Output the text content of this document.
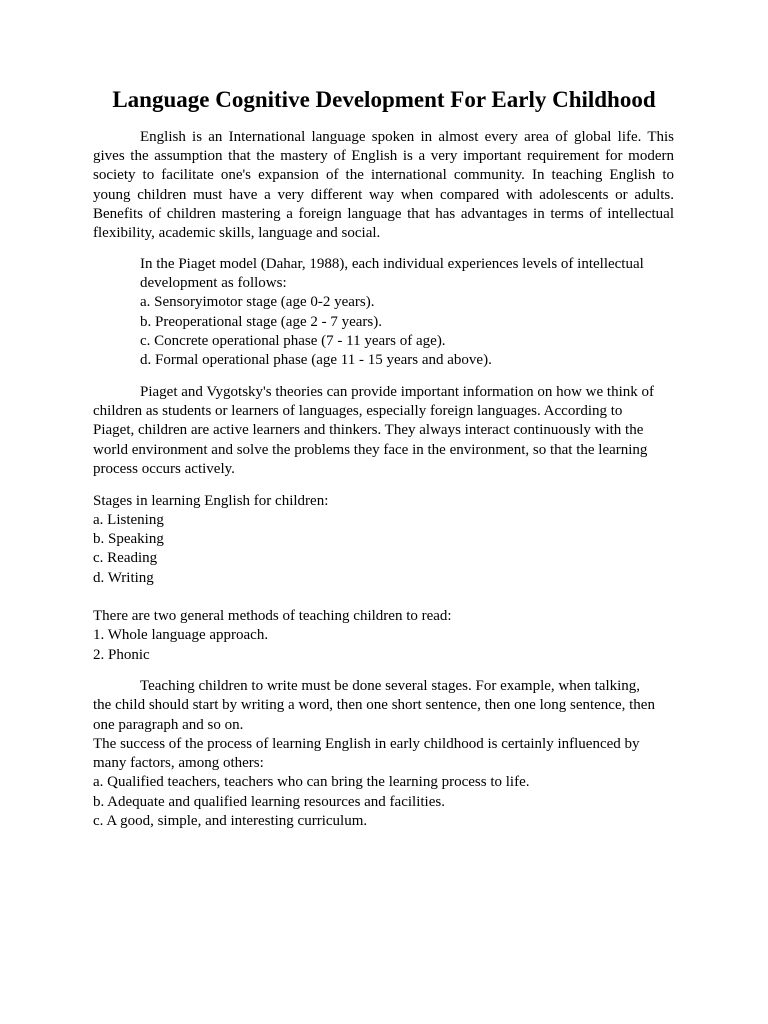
Language Cognitive Development For Early Childhood

English is an International language spoken in almost every area of global life. This

gives the assumption that the mastery of English is a very important requirement for modern

society to facilitate one's expansion of the international community. In teaching English to

young children must have a very different way when compared with adolescents or adults.

Benefits of children mastering a foreign language that has advantages in terms of intellectual

flexibility, academic skills, language and social.

In the Piaget model (Dahar, 1988), each individual experiences levels of intellectual

development as follows:

a. Sensoryimotor stage (age 0-2 years).

b. Preoperational stage (age 2 - 7 years).

c. Concrete operational phase (7 - 11 years of age).

d. Formal operational phase (age 11 - 15 years and above).

Piaget and Vygotsky's theories can provide important information on how we think of

children as students or learners of languages, especially foreign languages. According to

Piaget, children are active learners and thinkers. They always interact continuously with the

world environment and solve the problems they face in the environment, so that the learning

process occurs actively.

Stages in learning English for children:

a. Listening

b. Speaking

c. Reading

d. Writing

There are two general methods of teaching children to read:

1. Whole language approach.

2. Phonic

Teaching children to write must be done several stages. For example, when talking,

the child should start by writing a word, then one short sentence, then one long sentence, then

one paragraph and so on.

The success of the process of learning English in early childhood is certainly influenced by

many factors, among others:

a. Qualified teachers, teachers who can bring the learning process to life.

b. Adequate and qualified learning resources and facilities.

c. A good, simple, and interesting curriculum.
